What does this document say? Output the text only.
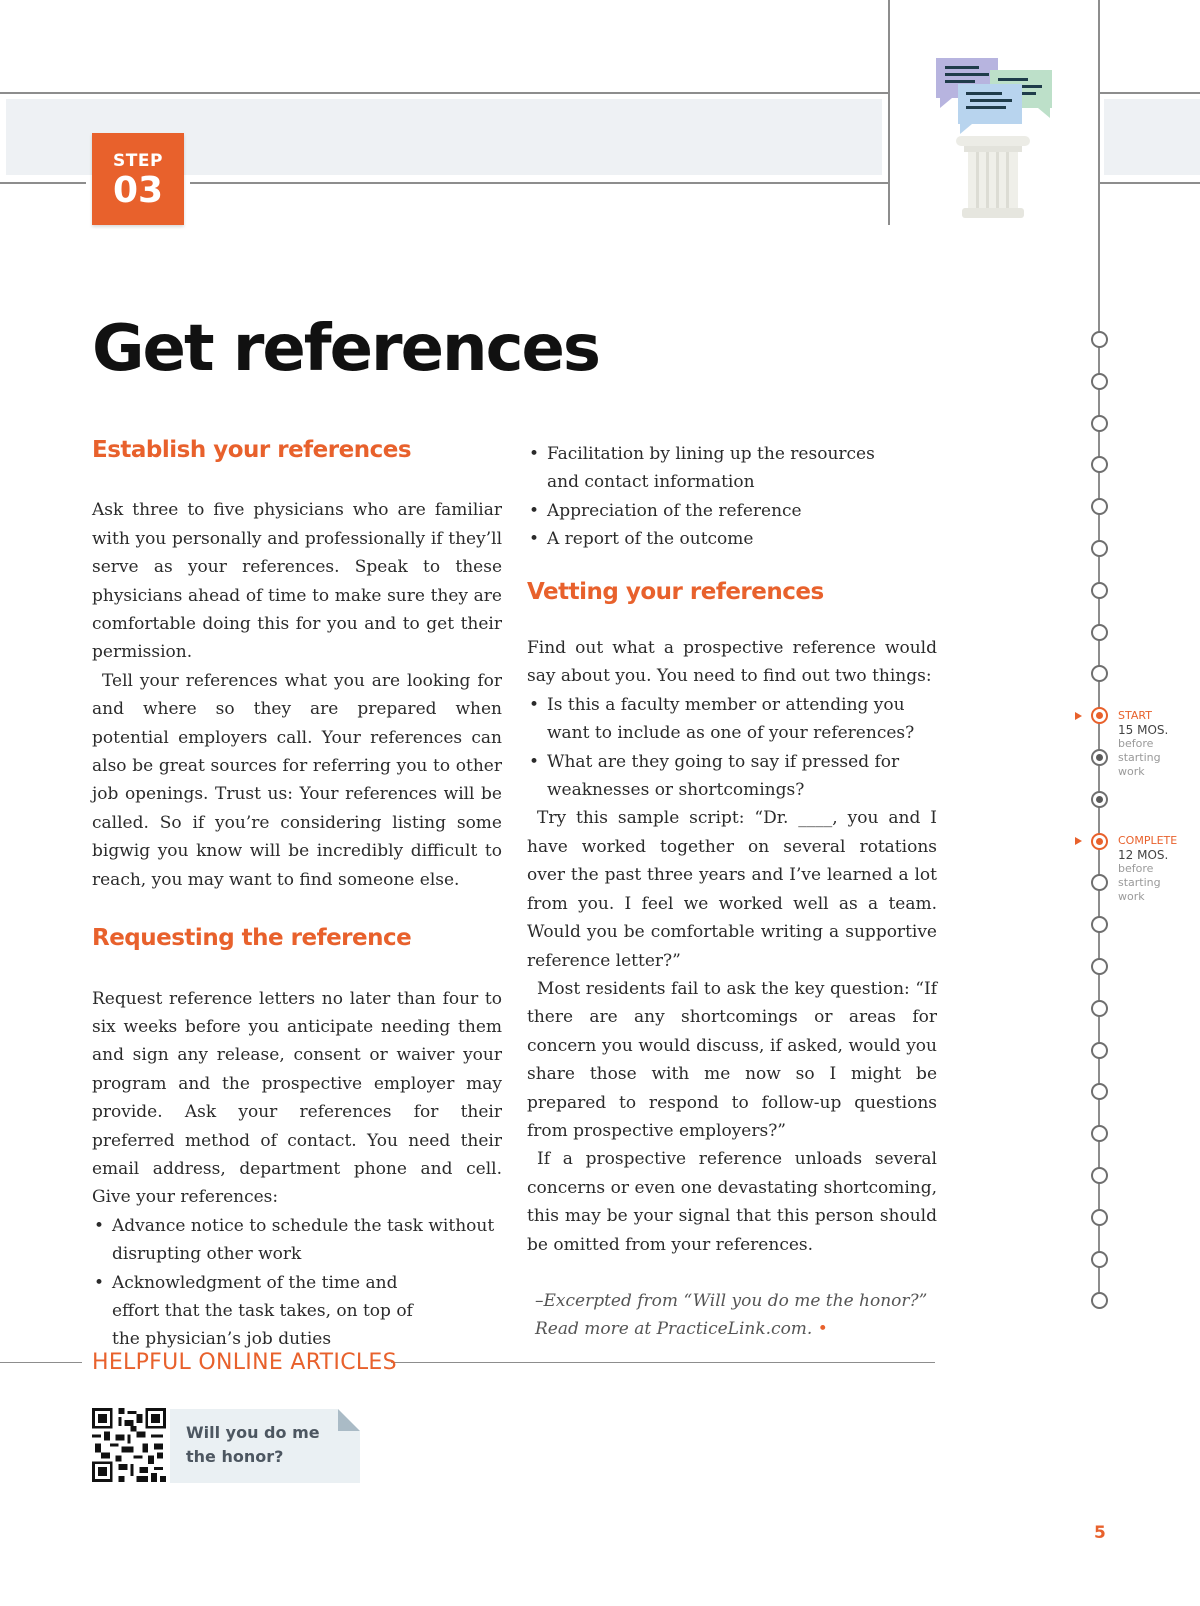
STEP
03
Get references
Establish your references

Ask three to five physicians who are familiar with you personally and professionally if they’ll serve as your references. Speak to these physicians ahead of time to make sure they are comfortable doing this for you and to get their permission.

Tell your references what you are looking for and where so they are prepared when potential employers call. Your references can also be great sources for referring you to other job openings. Trust us: Your references will be called. So if you’re considering listing some bigwig you know will be incredibly difficult to reach, you may want to find someone else.

Requesting the reference

Request reference letters no later than four to six weeks before you anticipate needing them and sign any release, consent or waiver your program and the prospective employer may provide. Ask your references for their preferred method of contact. You need their email address, department phone and cell. Give your references:

• Advance notice to schedule the task without disrupting other work
• Acknowledgment of the time and effort that the task takes, on top of the physician’s job duties
• Facilitation by lining up the resources and contact information
• Appreciation of the reference
• A report of the outcome
Vetting your references

Find out what a prospective reference would say about you. You need to find out two things:

• Is this a faculty member or attending you want to include as one of your references?
• What are they going to say if pressed for weaknesses or shortcomings?

Try this sample script: “Dr. ____, you and I have worked together on several rotations over the past three years and I’ve learned a lot from you. I feel we worked well as a team. Would you be comfortable writing a supportive reference letter?”

Most residents fail to ask the key question: “If there are any shortcomings or areas for concern you would discuss, if asked, would you share those with me now so I might be prepared to respond to follow-up questions from prospective employers?”

If a prospective reference unloads several concerns or even one devastating shortcoming, this may be your signal that this person should be omitted from your references.

–Excerpted from “Will you do me the honor?”
Read more at PracticeLink.com. •
HELPFUL ONLINE ARTICLES
Will you do me the honor?
START
15 MOS.
before
starting
work
COMPLETE
12 MOS.
before
starting
work

5
